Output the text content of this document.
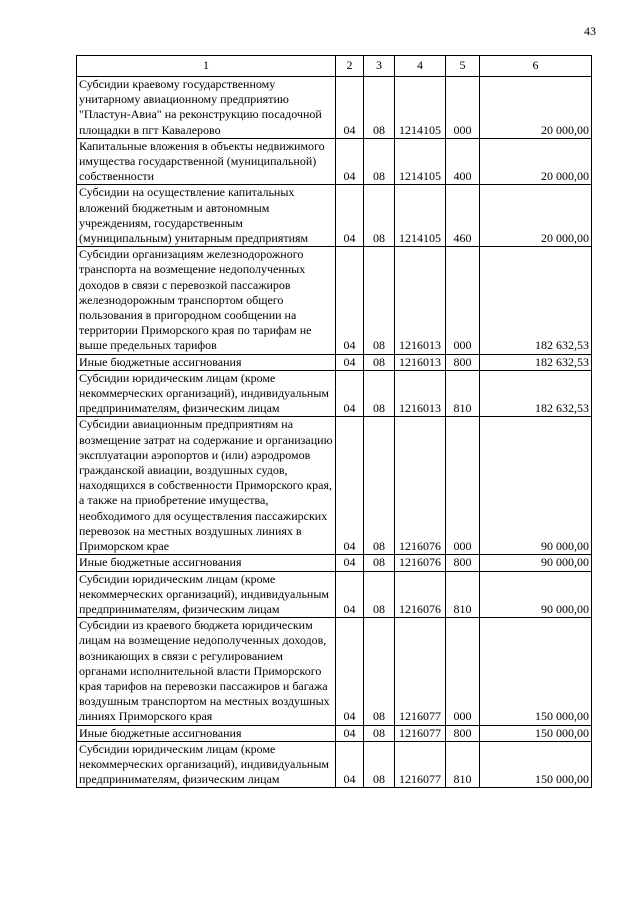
43
1	2	3	4	5	6
Субсидии краевому государственному унитарному авиационному предприятию "Пластун-Авиа" на реконструкцию посадочной площадки в пгт Кавалерово	04	08	1214105	000	20 000,00
Капитальные вложения в объекты недвижимого имущества государственной (муниципальной) собственности	04	08	1214105	400	20 000,00
Субсидии на осуществление капитальных вложений бюджетным и автономным учреждениям, государственным (муниципальным) унитарным предприятиям	04	08	1214105	460	20 000,00
Субсидии организациям железнодорожного транспорта на возмещение недополученных доходов в связи с перевозкой пассажиров железнодорожным транспортом общего пользования в пригородном сообщении на территории Приморского края по тарифам не выше предельных тарифов	04	08	1216013	000	182 632,53
Иные бюджетные ассигнования	04	08	1216013	800	182 632,53
Субсидии юридическим лицам (кроме некоммерческих организаций), индивидуальным предпринимателям, физическим лицам	04	08	1216013	810	182 632,53
Субсидии авиационным предприятиям на возмещение затрат на содержание и организацию эксплуатации аэропортов и (или) аэродромов гражданской авиации, воздушных судов, находящихся в собственности Приморского края, а также на приобретение имущества, необходимого для осуществления пассажирских перевозок на местных воздушных линиях в Приморском крае	04	08	1216076	000	90 000,00
Иные бюджетные ассигнования	04	08	1216076	800	90 000,00
Субсидии юридическим лицам (кроме некоммерческих организаций), индивидуальным предпринимателям, физическим лицам	04	08	1216076	810	90 000,00
Субсидии из краевого бюджета юридическим лицам на возмещение недополученных доходов, возникающих в связи с регулированием органами исполнительной власти Приморского края тарифов на перевозки пассажиров и багажа воздушным транспортом на местных воздушных линиях Приморского края	04	08	1216077	000	150 000,00
Иные бюджетные ассигнования	04	08	1216077	800	150 000,00
Субсидии юридическим лицам (кроме некоммерческих организаций), индивидуальным предпринимателям, физическим лицам	04	08	1216077	810	150 000,00
